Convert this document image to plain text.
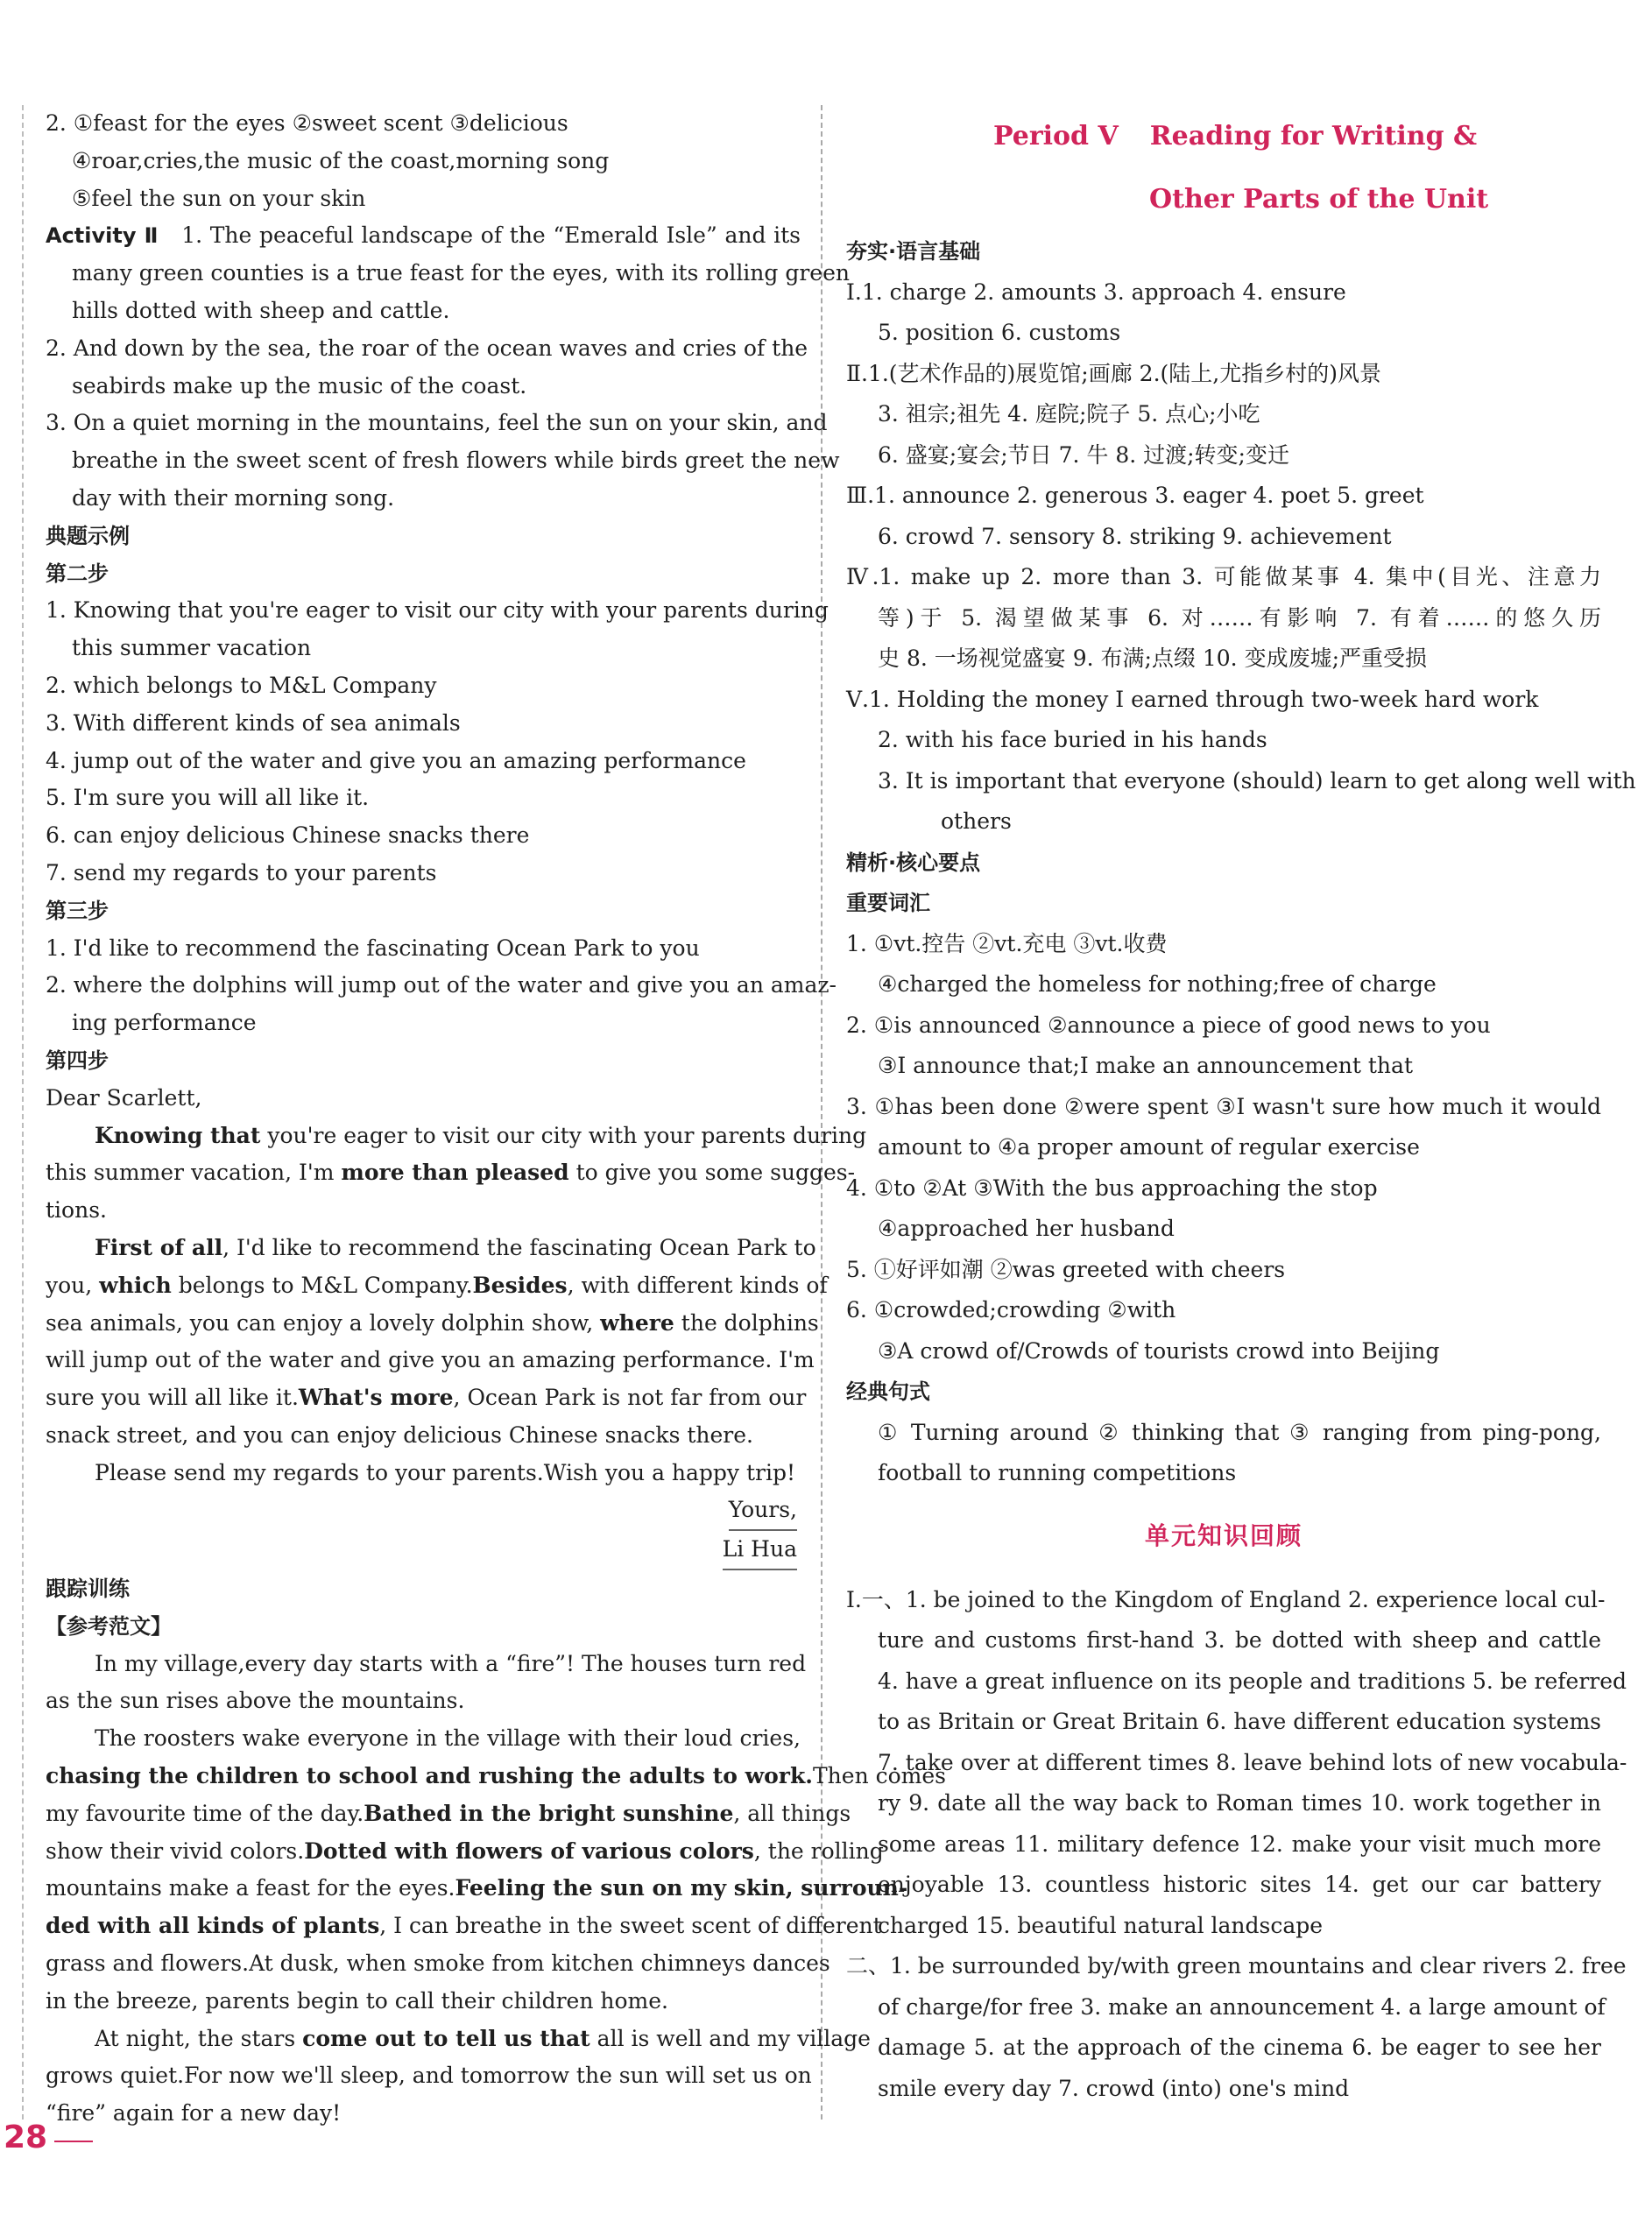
2. ①feast for the eyes ②sweet scent ③delicious
④roar,cries,the music of the coast,morning song
⑤feel the sun on your skin
Activity Ⅱ 1. The peaceful landscape of the “Emerald Isle” and its
many green counties is a true feast for the eyes, with its rolling green
hills dotted with sheep and cattle.
2. And down by the sea, the roar of the ocean waves and cries of the
seabirds make up the music of the coast.
3. On a quiet morning in the mountains, feel the sun on your skin, and
breathe in the sweet scent of fresh flowers while birds greet the new
day with their morning song.
典题示例
第二步
1. Knowing that you're eager to visit our city with your parents during
this summer vacation
2. which belongs to M&L Company
3. With different kinds of sea animals
4. jump out of the water and give you an amazing performance
5. I'm sure you will all like it.
6. can enjoy delicious Chinese snacks there
7. send my regards to your parents
第三步
1. I'd like to recommend the fascinating Ocean Park to you
2. where the dolphins will jump out of the water and give you an amaz-
ing performance
第四步
Dear Scarlett,
Knowing that you're eager to visit our city with your parents during
this summer vacation, I'm more than pleased to give you some sugges-
tions.
First of all, I'd like to recommend the fascinating Ocean Park to
you, which belongs to M&L Company.Besides, with different kinds of
sea animals, you can enjoy a lovely dolphin show, where the dolphins
will jump out of the water and give you an amazing performance. I'm
sure you will all like it.What's more, Ocean Park is not far from our
snack street, and you can enjoy delicious Chinese snacks there.
Please send my regards to your parents.Wish you a happy trip!
Yours,
Li Hua
跟踪训练
【参考范文】
In my village,every day starts with a “fire”! The houses turn red
as the sun rises above the mountains.
The roosters wake everyone in the village with their loud cries,
chasing the children to school and rushing the adults to work.Then comes
my favourite time of the day.Bathed in the bright sunshine, all things
show their vivid colors.Dotted with flowers of various colors, the rolling
mountains make a feast for the eyes.Feeling the sun on my skin, surroun-
ded with all kinds of plants, I can breathe in the sweet scent of different
grass and flowers.At dusk, when smoke from kitchen chimneys dances
in the breeze, parents begin to call their children home.
At night, the stars come out to tell us that all is well and my village
grows quiet.For now we'll sleep, and tomorrow the sun will set us on
“fire” again for a new day!
Period Ⅴ Reading for Writing &
Other Parts of the Unit
夯实·语言基础
Ⅰ.1. charge 2. amounts 3. approach 4. ensure
5. position 6. customs
Ⅱ.1.(艺术作品的)展览馆;画廊 2.(陆上,尤指乡村的)风景
3. 祖宗;祖先 4. 庭院;院子 5. 点心;小吃
6. 盛宴;宴会;节日 7. 牛 8. 过渡;转变;变迁
Ⅲ.1. announce 2. generous 3. eager 4. poet 5. greet
6. crowd 7. sensory 8. striking 9. achievement
Ⅳ.1. make up 2. more than 3. 可能做某事 4. 集中(目光、注意力
等)于 5. 渴望做某事 6. 对……有影响 7. 有着……的悠久历
史 8. 一场视觉盛宴 9. 布满;点缀 10. 变成废墟;严重受损
Ⅴ.1. Holding the money I earned through two-week hard work
2. with his face buried in his hands
3. It is important that everyone (should) learn to get along well with
others
精析·核心要点
重要词汇
1. ①vt.控告 ②vt.充电 ③vt.收费
④charged the homeless for nothing;free of charge
2. ①is announced ②announce a piece of good news to you
③I announce that;I make an announcement that
3. ①has been done ②were spent ③I wasn't sure how much it would
amount to ④a proper amount of regular exercise
4. ①to ②At ③With the bus approaching the stop
④approached her husband
5. ①好评如潮 ②was greeted with cheers
6. ①crowded;crowding ②with
③A crowd of/Crowds of tourists crowd into Beijing
经典句式
① Turning around ② thinking that ③ ranging from ping-pong,
football to running competitions
单元知识回顾
Ⅰ.一、1. be joined to the Kingdom of England 2. experience local cul-
ture and customs first-hand 3. be dotted with sheep and cattle
4. have a great influence on its people and traditions 5. be referred
to as Britain or Great Britain 6. have different education systems
7. take over at different times 8. leave behind lots of new vocabula-
ry 9. date all the way back to Roman times 10. work together in
some areas 11. military defence 12. make your visit much more
enjoyable 13. countless historic sites 14. get our car battery
charged 15. beautiful natural landscape
二、1. be surrounded by/with green mountains and clear rivers 2. free
of charge/for free 3. make an announcement 4. a large amount of
damage 5. at the approach of the cinema 6. be eager to see her
smile every day 7. crowd (into) one's mind
28
